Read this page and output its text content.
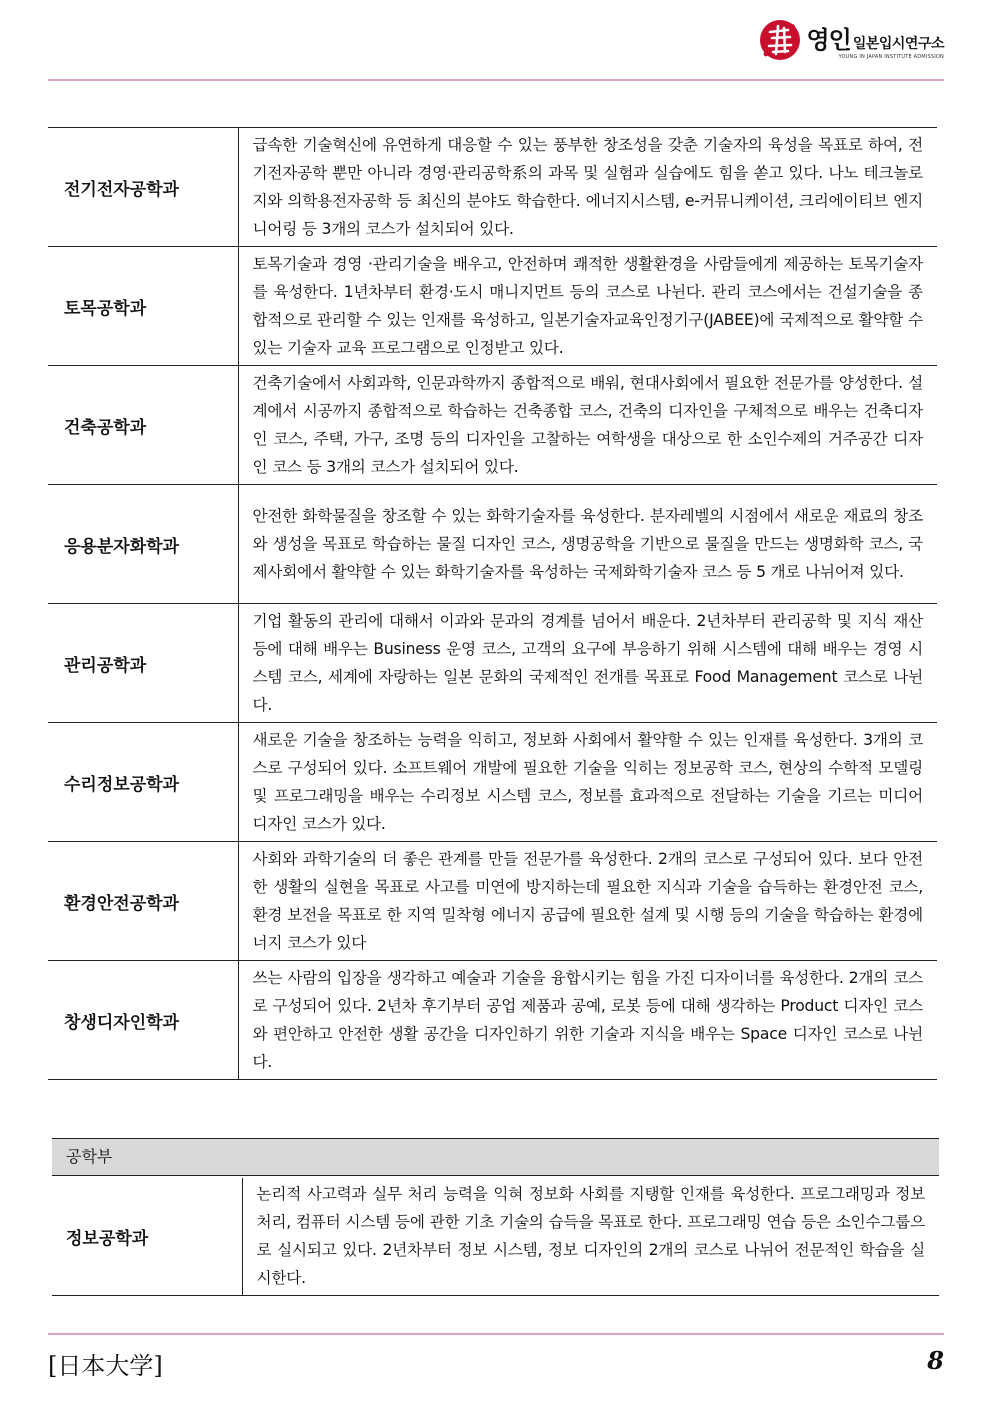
영인 일본입시연구소
YOUNG IN JAPAN INSTITUTE ADMISSION
전기전자공학과	급속한 기술혁신에 유연하게 대응할 수 있는 풍부한 창조성을 갖춘 기술자의 육성을 목표로 하여, 전기전자공학 뿐만 아니라 경영·관리공학系의 과목 및 실험과 실습에도 힘을 쏟고 있다. 나노 테크놀로지와 의학용전자공학 등 최신의 분야도 학습한다. 에너지시스템, e-커뮤니케이션, 크리에이티브 엔지니어링 등 3개의 코스가 설치되어 있다.
토목공학과	토목기술과 경영 ·관리기술을 배우고, 안전하며 쾌적한 생활환경을 사람들에게 제공하는 토목기술자를 육성한다. 1년차부터 환경·도시 매니지먼트 등의 코스로 나뉜다. 관리 코스에서는 건설기술을 종합적으로 관리할 수 있는 인재를 육성하고, 일본기술자교육인정기구(JABEE)에 국제적으로 활약할 수 있는 기술자 교육 프로그램으로 인정받고 있다.
건축공학과	건축기술에서 사회과학, 인문과학까지 종합적으로 배워, 현대사회에서 필요한 전문가를 양성한다. 설계에서 시공까지 종합적으로 학습하는 건축종합 코스, 건축의 디자인을 구체적으로 배우는 건축디자인 코스, 주택, 가구, 조명 등의 디자인을 고찰하는 여학생을 대상으로 한 소인수제의 거주공간 디자인 코스 등 3개의 코스가 설치되어 있다.
응용분자화학과	안전한 화학물질을 창조할 수 있는 화학기술자를 육성한다. 분자레벨의 시점에서 새로운 재료의 창조와 생성을 목표로 학습하는 물질 디자인 코스, 생명공학을 기반으로 물질을 만드는 생명화학 코스, 국제사회에서 활약할 수 있는 화학기술자를 육성하는 국제화학기술자 코스 등 5 개로 나뉘어져 있다.
관리공학과	기업 활동의 관리에 대해서 이과와 문과의 경계를 넘어서 배운다. 2년차부터 관리공학 및 지식 재산 등에 대해 배우는 Business 운영 코스, 고객의 요구에 부응하기 위해 시스템에 대해 배우는 경영 시스템 코스, 세계에 자랑하는 일본 문화의 국제적인 전개를 목표로 Food Management 코스로 나뉜다.
수리정보공학과	새로운 기술을 창조하는 능력을 익히고, 정보화 사회에서 활약할 수 있는 인재를 육성한다. 3개의 코스로 구성되어 있다. 소프트웨어 개발에 필요한 기술을 익히는 정보공학 코스, 현상의 수학적 모델링 및 프로그래밍을 배우는 수리정보 시스템 코스, 정보를 효과적으로 전달하는 기술을 기르는 미디어 디자인 코스가 있다.
환경안전공학과	사회와 과학기술의 더 좋은 관계를 만들 전문가를 육성한다. 2개의 코스로 구성되어 있다. 보다 안전한 생활의 실현을 목표로 사고를 미연에 방지하는데 필요한 지식과 기술을 습득하는 환경안전 코스, 환경 보전을 목표로 한 지역 밀착형 에너지 공급에 필요한 설계 및 시행 등의 기술을 학습하는 환경에너지 코스가 있다
창생디자인학과	쓰는 사람의 입장을 생각하고 예술과 기술을 융합시키는 힘을 가진 디자이너를 육성한다. 2개의 코스로 구성되어 있다. 2년차 후기부터 공업 제품과 공예, 로봇 등에 대해 생각하는 Product 디자인 코스와 편안하고 안전한 생활 공간을 디자인하기 위한 기술과 지식을 배우는 Space 디자인 코스로 나뉜다.
공학부
정보공학과	논리적 사고력과 실무 처리 능력을 익혀 정보화 사회를 지탱할 인재를 육성한다. 프로그래밍과 정보 처리, 컴퓨터 시스템 등에 관한 기초 기술의 습득을 목표로 한다. 프로그래밍 연습 등은 소인수그룹으로 실시되고 있다. 2년차부터 정보 시스템, 정보 디자인의 2개의 코스로 나뉘어 전문적인 학습을 실시한다.
[日本大学]	8
